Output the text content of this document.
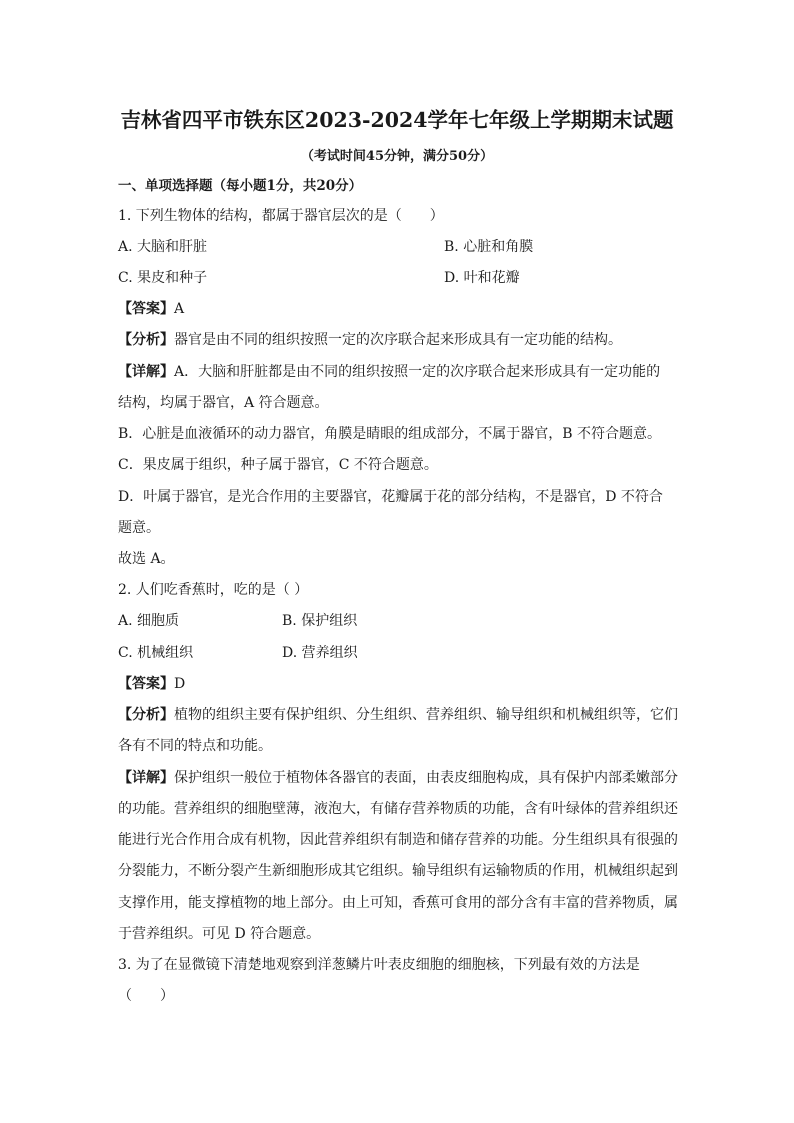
吉林省四平市铁东区2023-2024学年七年级上学期期末试题
（考试时间45分钟，满分50分）
一、单项选择题（每小题1分，共20分）
1. 下列生物体的结构，都属于器官层次的是（　　）
A. 大脑和肝脏	B. 心脏和角膜
C. 果皮和种子	D. 叶和花瓣
【答案】A
【分析】器官是由不同的组织按照一定的次序联合起来形成具有一定功能的结构。
【详解】A．大脑和肝脏都是由不同的组织按照一定的次序联合起来形成具有一定功能的
结构，均属于器官，A 符合题意。
B．心脏是血液循环的动力器官，角膜是睛眼的组成部分，不属于器官，B 不符合题意。
C．果皮属于组织，种子属于器官，C 不符合题意。
D．叶属于器官，是光合作用的主要器官，花瓣属于花的部分结构，不是器官，D 不符合
题意。
故选 A。
2. 人们吃香蕉时，吃的是（ ）
A. 细胞质	B. 保护组织
C. 机械组织	D. 营养组织
【答案】D
【分析】植物的组织主要有保护组织、分生组织、营养组织、输导组织和机械组织等，它们
各有不同的特点和功能。
【详解】保护组织一般位于植物体各器官的表面，由表皮细胞构成，具有保护内部柔嫩部分
的功能。营养组织的细胞壁薄，液泡大，有储存营养物质的功能，含有叶绿体的营养组织还
能进行光合作用合成有机物，因此营养组织有制造和储存营养的功能。分生组织具有很强的
分裂能力，不断分裂产生新细胞形成其它组织。输导组织有运输物质的作用，机械组织起到
支撑作用，能支撑植物的地上部分。由上可知，香蕉可食用的部分含有丰富的营养物质，属
于营养组织。可见 D 符合题意。
3. 为了在显微镜下清楚地观察到洋葱鳞片叶表皮细胞的细胞核，下列最有效的方法是
（　　）
